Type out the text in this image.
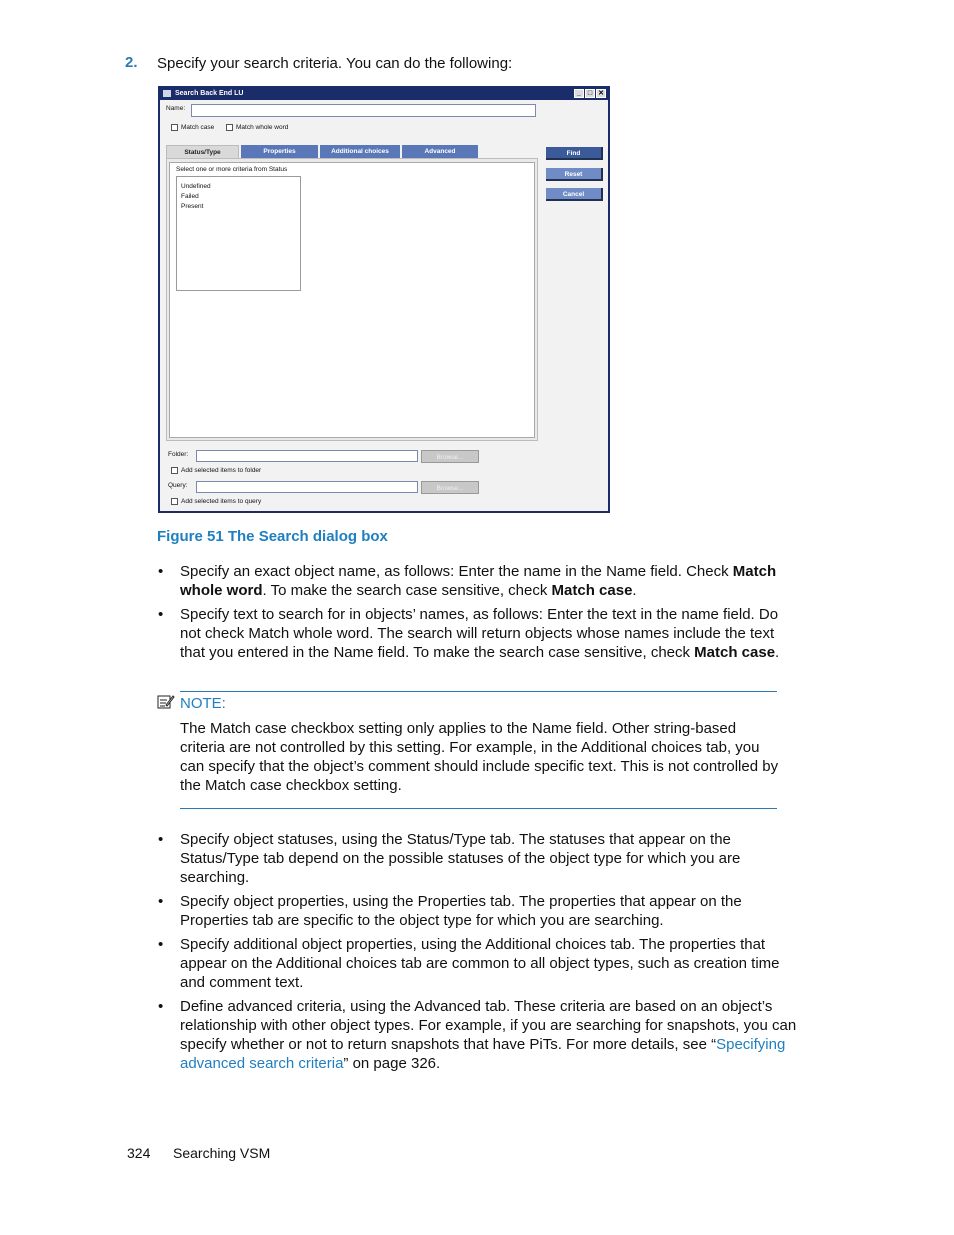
2. Specify your search criteria. You can do the following:
Search Back End LU	_ □ ✕
Name:
Match case	Match whole word
Status/Type	Properties	Additional choices	Advanced
Select one or more criteria from Status
Undefined
Failed
Present
Find
Reset
Cancel
Folder:	Browse...
Add selected items to folder
Query:	Browse...
Add selected items to query
Figure 51 The Search dialog box
• Specify an exact object name, as follows: Enter the name in the Name field. Check Match whole word. To make the search case sensitive, check Match case.
• Specify text to search for in objects’ names, as follows: Enter the text in the name field. Do not check Match whole word. The search will return objects whose names include the text that you entered in the Name field. To make the search case sensitive, check Match case.
NOTE:
The Match case checkbox setting only applies to the Name field. Other string-based criteria are not controlled by this setting. For example, in the Additional choices tab, you can specify that the object’s comment should include specific text. This is not controlled by the Match case checkbox setting.
• Specify object statuses, using the Status/Type tab. The statuses that appear on the Status/Type tab depend on the possible statuses of the object type for which you are searching.
• Specify object properties, using the Properties tab. The properties that appear on the Properties tab are specific to the object type for which you are searching.
• Specify additional object properties, using the Additional choices tab. The properties that appear on the Additional choices tab are common to all object types, such as creation time and comment text.
• Define advanced criteria, using the Advanced tab. These criteria are based on an object’s relationship with other object types. For example, if you are searching for snapshots, you can specify whether or not to return snapshots that have PiTs. For more details, see “Specifying advanced search criteria” on page 326.
324 Searching VSM
